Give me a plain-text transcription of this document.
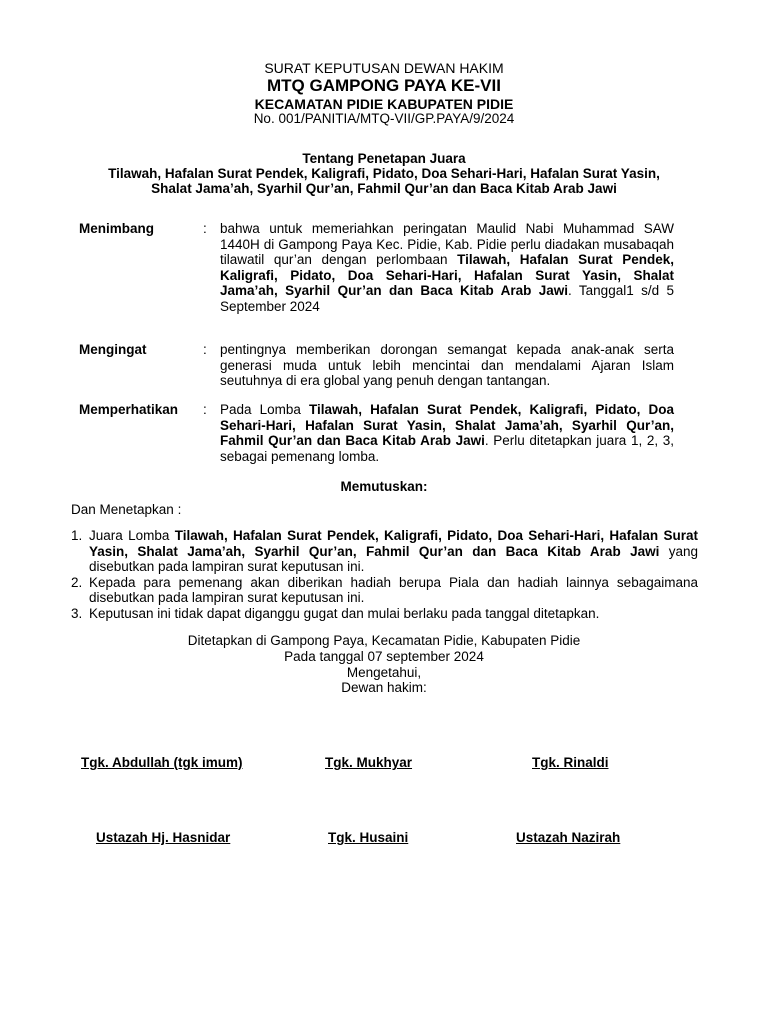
SURAT KEPUTUSAN DEWAN HAKIM
MTQ GAMPONG PAYA KE-VII
KECAMATAN PIDIE KABUPATEN PIDIE
No. 001/PANITIA/MTQ-VII/GP.PAYA/9/2024
Tentang Penetapan Juara
Tilawah, Hafalan Surat Pendek, Kaligrafi, Pidato, Doa Sehari-Hari, Hafalan Surat Yasin,
Shalat Jama’ah, Syarhil Qur’an, Fahmil Qur’an dan Baca Kitab Arab Jawi
Menimbang	: bahwa untuk memeriahkan peringatan Maulid Nabi Muhammad SAW 1440H di Gampong Paya Kec. Pidie, Kab. Pidie perlu diadakan musabaqah tilawatil qur’an dengan perlombaan Tilawah, Hafalan Surat Pendek, Kaligrafi, Pidato, Doa Sehari-Hari, Hafalan Surat Yasin, Shalat Jama’ah, Syarhil Qur’an dan Baca Kitab Arab Jawi. Tanggal1 s/d 5 September 2024
Mengingat	: pentingnya memberikan dorongan semangat kepada anak-anak serta generasi muda untuk lebih mencintai dan mendalami Ajaran Islam seutuhnya di era global yang penuh dengan tantangan.
Memperhatikan	: Pada Lomba Tilawah, Hafalan Surat Pendek, Kaligrafi, Pidato, Doa Sehari-Hari, Hafalan Surat Yasin, Shalat Jama’ah, Syarhil Qur’an, Fahmil Qur’an dan Baca Kitab Arab Jawi. Perlu ditetapkan juara 1, 2, 3, sebagai pemenang lomba.
Memutuskan:
Dan Menetapkan :
1. Juara Lomba Tilawah, Hafalan Surat Pendek, Kaligrafi, Pidato, Doa Sehari-Hari, Hafalan Surat Yasin, Shalat Jama’ah, Syarhil Qur’an, Fahmil Qur’an dan Baca Kitab Arab Jawi yang disebutkan pada lampiran surat keputusan ini.
2. Kepada para pemenang akan diberikan hadiah berupa Piala dan hadiah lainnya sebagaimana disebutkan pada lampiran surat keputusan ini.
3. Keputusan ini tidak dapat diganggu gugat dan mulai berlaku pada tanggal ditetapkan.
Ditetapkan di Gampong Paya, Kecamatan Pidie, Kabupaten Pidie
Pada tanggal 07 september 2024
Mengetahui,
Dewan hakim:
Tgk. Abdullah (tgk imum)	Tgk. Mukhyar	Tgk. Rinaldi
Ustazah Hj. Hasnidar	Tgk. Husaini	Ustazah Nazirah
